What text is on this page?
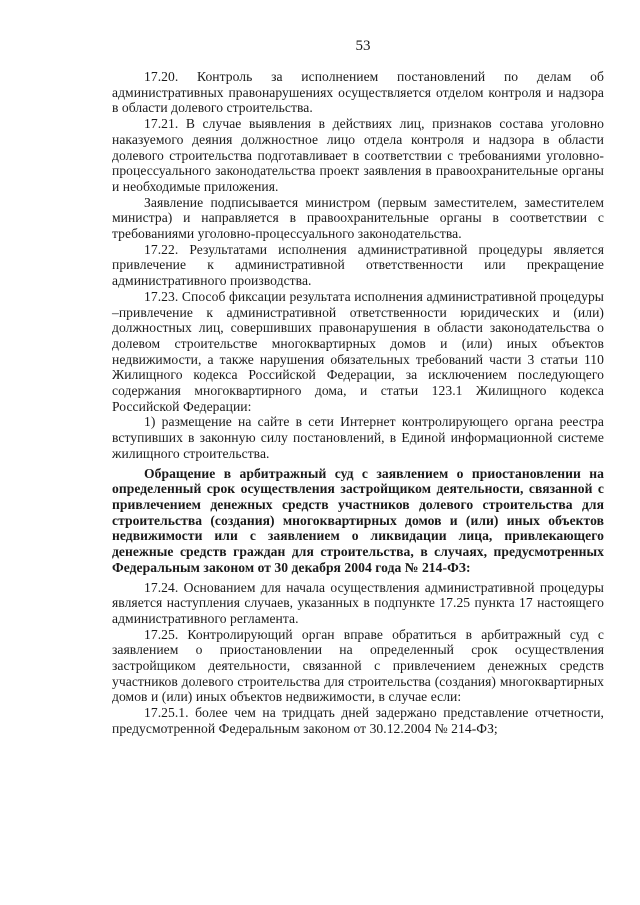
53

17.20. Контроль за исполнением постановлений по делам об административных правонарушениях осуществляется отделом контроля и надзора в области долевого строительства.

17.21. В случае выявления в действиях лиц, признаков состава уголовно наказуемого деяния должностное лицо отдела контроля и надзора в области долевого строительства подготавливает в соответствии с требованиями уголовно-процессуального законодательства проект заявления в правоохранительные органы и необходимые приложения.

Заявление подписывается министром (первым заместителем, заместителем министра) и направляется в правоохранительные органы в соответствии с требованиями уголовно-процессуального законодательства.

17.22. Результатами исполнения административной процедуры является привлечение к административной ответственности или прекращение административного производства.

17.23. Способ фиксации результата исполнения административной процедуры –привлечение к административной ответственности юридических и (или) должностных лиц, совершивших правонарушения в области законодательства о долевом строительстве многоквартирных домов и (или) иных объектов недвижимости, а также нарушения обязательных требований части 3 статьи 110 Жилищного кодекса Российской Федерации, за исключением последующего содержания многоквартирного дома, и статьи 123.1 Жилищного кодекса Российской Федерации:

1) размещение на сайте в сети Интернет контролирующего органа реестра вступивших в законную силу постановлений, в Единой информационной системе жилищного строительства.

Обращение в арбитражный суд с заявлением о приостановлении на определенный срок осуществления застройщиком деятельности, связанной с привлечением денежных средств участников долевого строительства для строительства (создания) многоквартирных домов и (или) иных объектов недвижимости или с заявлением о ликвидации лица, привлекающего денежные средств граждан для строительства, в случаях, предусмотренных Федеральным законом от 30 декабря 2004 года № 214-ФЗ:

17.24. Основанием для начала осуществления административной процедуры является наступления случаев, указанных в подпункте 17.25 пункта 17 настоящего административного регламента.

17.25. Контролирующий орган вправе обратиться в арбитражный суд с заявлением о приостановлении на определенный срок осуществления застройщиком деятельности, связанной с привлечением денежных средств участников долевого строительства для строительства (создания) многоквартирных домов и (или) иных объектов недвижимости, в случае если:

17.25.1. более чем на тридцать дней задержано представление отчетности, предусмотренной Федеральным законом от 30.12.2004 № 214-ФЗ;
